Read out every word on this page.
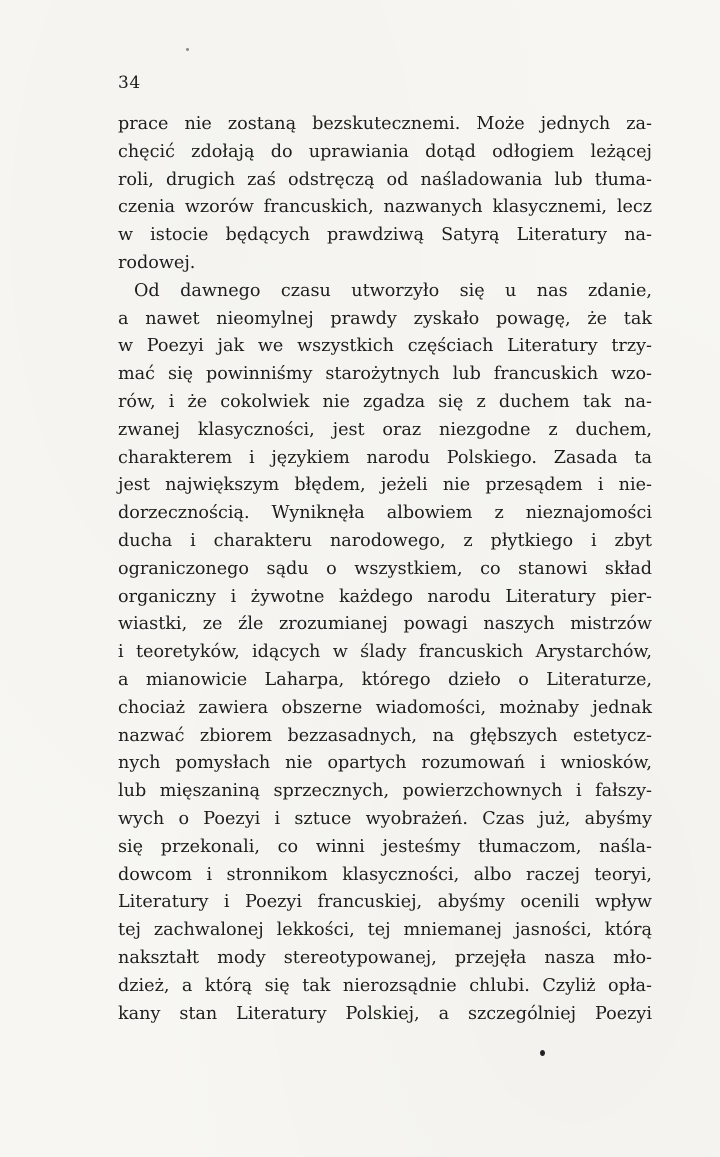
34
prace nie zostaną bezskutecznemi. Może jednych za-
chęcić zdołają do uprawiania dotąd odłogiem leżącej
roli, drugich zaś odstręczą od naśladowania lub tłuma-
czenia wzorów francuskich, nazwanych klasycznemi, lecz
w istocie będących prawdziwą Satyrą Literatury na-
rodowej.
Od dawnego czasu utworzyło się u nas zdanie,
a nawet nieomylnej prawdy zyskało powagę, że tak
w Poezyi jak we wszystkich częściach Literatury trzy-
mać się powinniśmy starożytnych lub francuskich wzo-
rów, i że cokolwiek nie zgadza się z duchem tak na-
zwanej klasyczności, jest oraz niezgodne z duchem,
charakterem i językiem narodu Polskiego. Zasada ta
jest największym błędem, jeżeli nie przesądem i nie-
dorzecznością. Wyniknęła albowiem z nieznajomości
ducha i charakteru narodowego, z płytkiego i zbyt
ograniczonego sądu o wszystkiem, co stanowi skład
organiczny i żywotne każdego narodu Literatury pier-
wiastki, ze źle zrozumianej powagi naszych mistrzów
i teoretyków, idących w ślady francuskich Arystarchów,
a mianowicie Laharpa, którego dzieło o Literaturze,
chociaż zawiera obszerne wiadomości, możnaby jednak
nazwać zbiorem bezzasadnych, na głębszych estetycz-
nych pomysłach nie opartych rozumowań i wniosków,
lub mięszaniną sprzecznych, powierzchownych i fałszy-
wych o Poezyi i sztuce wyobrażeń. Czas już, abyśmy
się przekonali, co winni jesteśmy tłumaczom, naśla-
dowcom i stronnikom klasyczności, albo raczej teoryi,
Literatury i Poezyi francuskiej, abyśmy ocenili wpływ
tej zachwalonej lekkości, tej mniemanej jasności, którą
nakształt mody stereotypowanej, przejęła nasza mło-
dzież, a którą się tak nierozsądnie chlubi. Czyliż opła-
kany stan Literatury Polskiej, a szczególniej Poezyi
